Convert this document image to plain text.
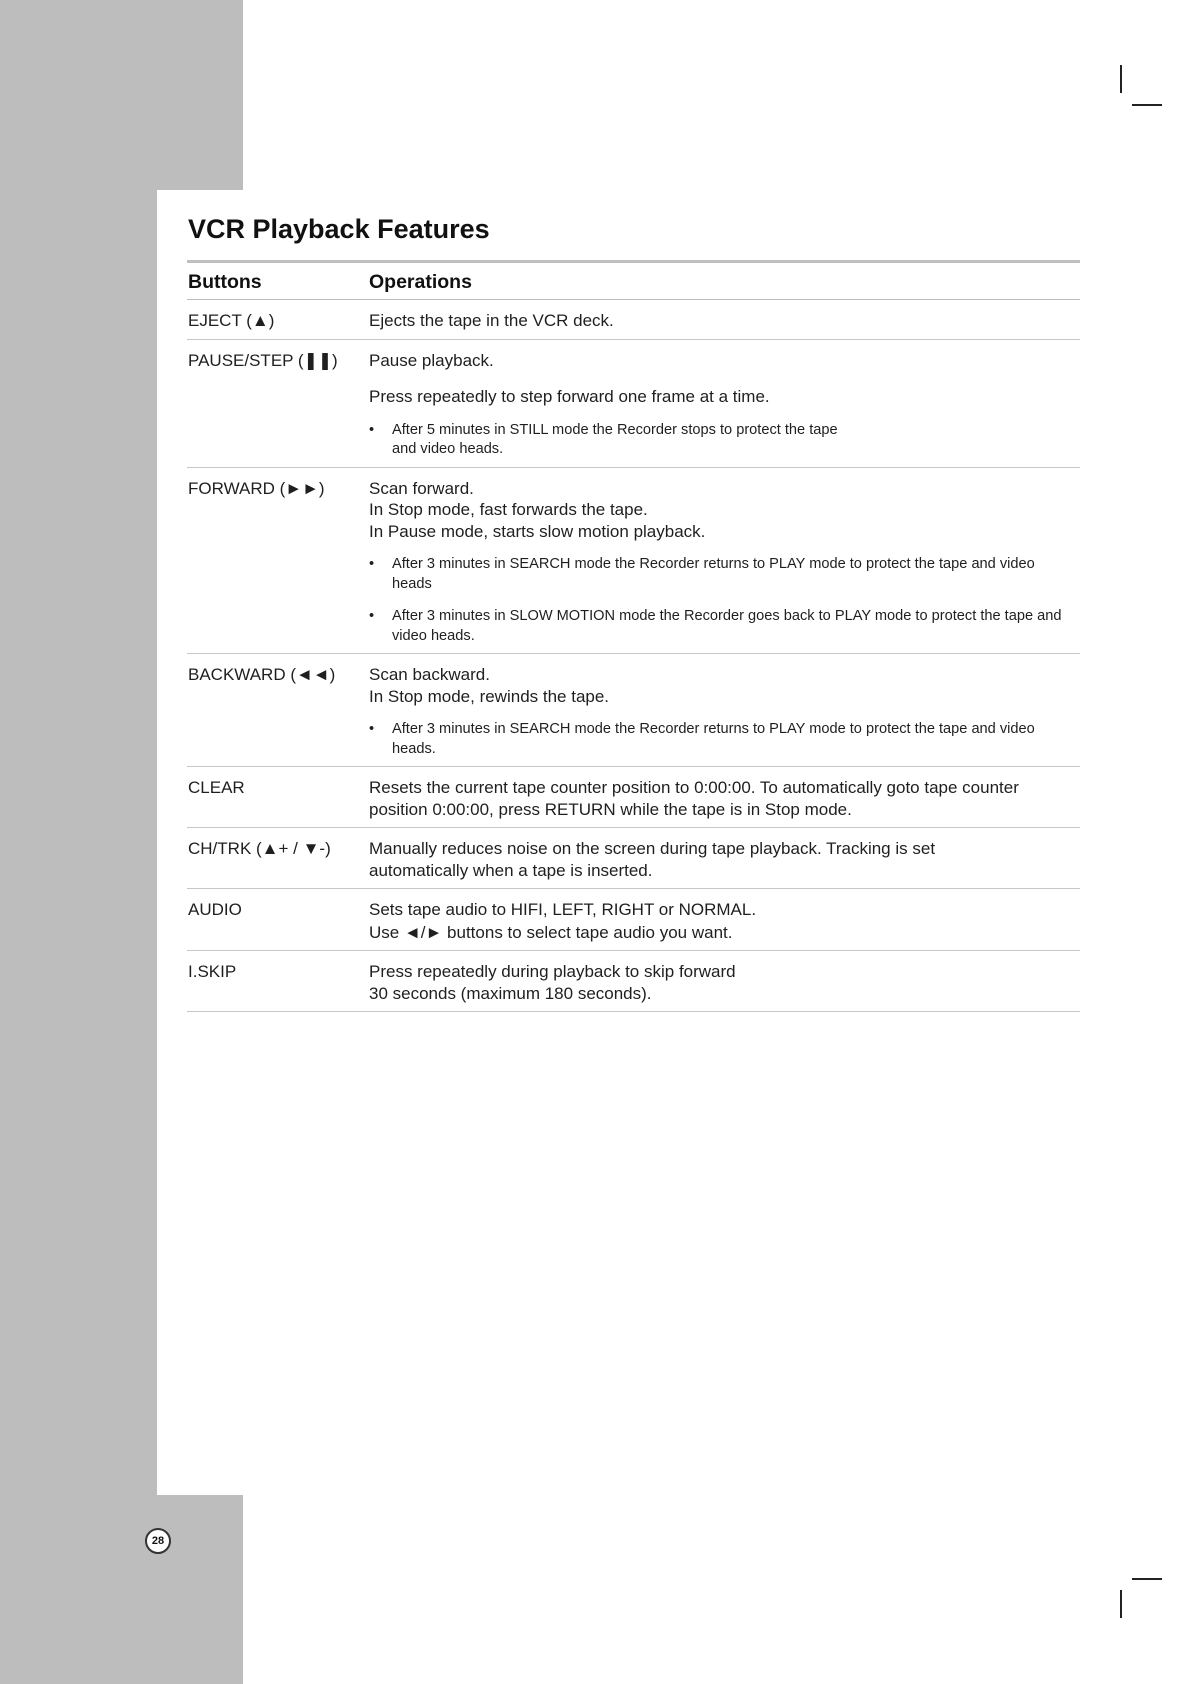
VCR Playback Features
Buttons	Operations
EJECT (▲)	Ejects the tape in the VCR deck.

PAUSE/STEP (❚❚) Pause playback.

Press repeatedly to step forward one frame at a time.

• After 5 minutes in STILL mode the Recorder stops to protect the tape and video heads.
FORWARD (►►)	Scan forward.

In Stop mode, fast forwards the tape.

In Pause mode, starts slow motion playback.

• After 3 minutes in SEARCH mode the Recorder returns to PLAY mode to protect the tape and video heads
• After 3 minutes in SLOW MOTION mode the Recorder goes back to PLAY mode to protect the tape and video heads.
BACKWARD (◄◄) Scan backward.

In Stop mode, rewinds the tape.

• After 3 minutes in SEARCH mode the Recorder returns to PLAY mode to protect the tape and video heads.
CLEAR	Resets the current tape counter position to 0:00:00. To automatically goto tape counter position 0:00:00, press RETURN while the tape is in Stop mode.

CH/TRK (▲+ / ▼-) Manually reduces noise on the screen during tape playback. Tracking is set automatically when a tape is inserted.

AUDIO	Sets tape audio to HIFI, LEFT, RIGHT or NORMAL.

Use ◄/► buttons to select tape audio you want.

I.SKIP	Press repeatedly during playback to skip forward

30 seconds (maximum 180 seconds).

28
